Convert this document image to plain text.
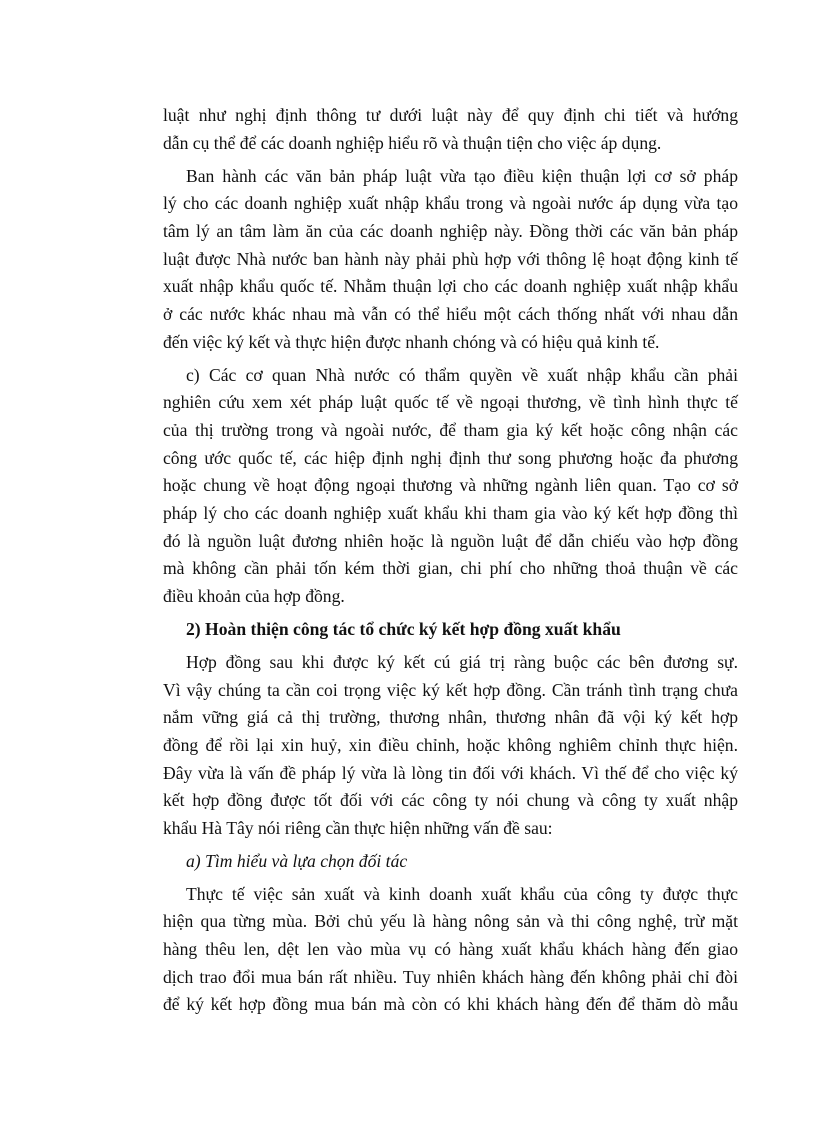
luật như nghị định thông tư dưới luật này để quy định chi tiết và hướng
dẫn cụ thể để các doanh nghiệp hiểu rõ và thuận tiện cho việc áp dụng.
Ban hành các văn bản pháp luật vừa tạo điều kiện thuận lợi cơ sở pháp
lý cho các doanh nghiệp xuất nhập khẩu trong và ngoài nước áp dụng vừa tạo
tâm lý an tâm làm ăn của các doanh nghiệp này. Đồng thời các văn bản pháp
luật được Nhà nước ban hành này phải phù hợp với thông lệ hoạt động kinh tế
xuất nhập khẩu quốc tế. Nhằm thuận lợi cho các doanh nghiệp xuất nhập khẩu
ở các nước khác nhau mà vẫn có thể hiểu một cách thống nhất với nhau dẫn
đến việc ký kết và thực hiện được nhanh chóng và có hiệu quả kinh tế.
c) Các cơ quan Nhà nước có thẩm quyền về xuất nhập khẩu cần phải
nghiên cứu xem xét pháp luật quốc tế về ngoại thương, về tình hình thực tế
của thị trường trong và ngoài nước, để tham gia ký kết hoặc công nhận các
công ước quốc tế, các hiệp định nghị định thư song phương hoặc đa phương
hoặc chung về hoạt động ngoại thương và những ngành liên quan. Tạo cơ sở
pháp lý cho các doanh nghiệp xuất khẩu khi tham gia vào ký kết hợp đồng thì
đó là nguồn luật đương nhiên hoặc là nguồn luật để dẫn chiếu vào hợp đồng
mà không cần phải tốn kém thời gian, chi phí cho những thoả thuận về các
điều khoản của hợp đồng.
2) Hoàn thiện công tác tổ chức ký kết hợp đồng xuất khẩu
Hợp đồng sau khi được ký kết cú giá trị ràng buộc các bên đương sự.
Vì vậy chúng ta cần coi trọng việc ký kết hợp đồng. Cần tránh tình trạng chưa
nắm vững giá cả thị trường, thương nhân, thương nhân đã vội ký kết hợp
đồng để rồi lại xin huỷ, xin điều chỉnh, hoặc không nghiêm chỉnh thực hiện.
Đây vừa là vấn đề pháp lý vừa là lòng tin đối với khách. Vì thế để cho việc ký
kết hợp đồng được tốt đối với các công ty nói chung và công ty xuất nhập
khẩu Hà Tây nói riêng cần thực hiện những vấn đề sau:
a) Tìm hiểu và lựa chọn đối tác
Thực tế việc sản xuất và kinh doanh xuất khẩu của công ty được thực
hiện qua từng mùa. Bởi chủ yếu là hàng nông sản và thi công nghệ, trừ mặt
hàng thêu len, dệt len vào mùa vụ có hàng xuất khẩu khách hàng đến giao
dịch trao đổi mua bán rất nhiều. Tuy nhiên khách hàng đến không phải chỉ đòi
để ký kết hợp đồng mua bán mà còn có khi khách hàng đến để thăm dò mẫu
